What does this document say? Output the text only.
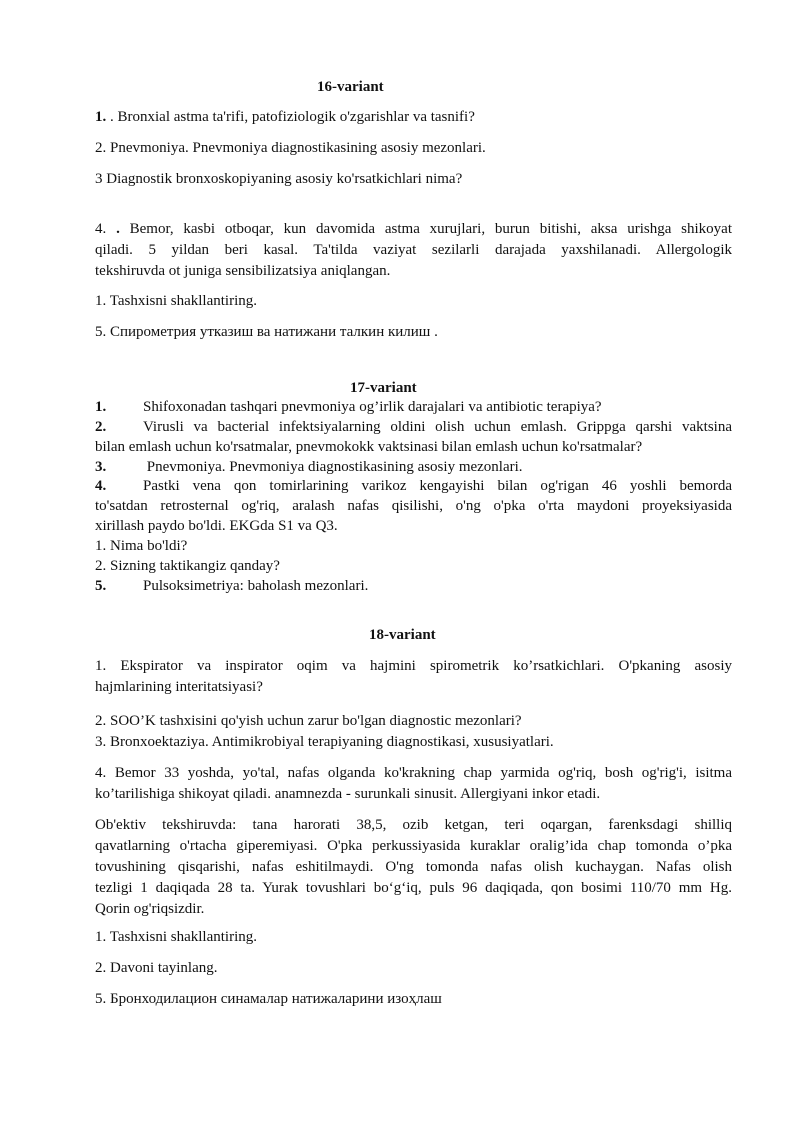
16-variant
1. . Bronxial astma ta'rifi, patofiziologik o'zgarishlar va tasnifi?
2. Pnevmoniya. Pnevmoniya diagnostikasining asosiy mezonlari.
3 Diagnostik bronxoskopiyaning asosiy ko'rsatkichlari nima?
4. . Bemor, kasbi otboqar, kun davomida astma xurujlari, burun bitishi, aksa urishga shikoyat
qiladi. 5 yildan beri kasal. Ta'tilda vaziyat sezilarli darajada yaxshilanadi. Allergologik
tekshiruvda ot juniga sensibilizatsiya aniqlangan.
1. Tashxisni shakllantiring.
5. Спирометрия утказиш ва натижани талкин килиш .
17-variant
1. Shifoxonadan tashqari pnevmoniya og’irlik darajalari va antibiotic terapiya?
2. Virusli va bacterial infektsiyalarning oldini olish uchun emlash. Grippga qarshi vaktsina
bilan emlash uchun ko'rsatmalar, pnevmokokk vaktsinasi bilan emlash uchun ko'rsatmalar?
3. Pnevmoniya. Pnevmoniya diagnostikasining asosiy mezonlari.
4. Pastki vena qon tomirlarining varikoz kengayishi bilan og'rigan 46 yoshli bemorda
to'satdan retrosternal og'riq, aralash nafas qisilishi, o'ng o'pka o'rta maydoni proyeksiyasida
xirillash paydo bo'ldi. EKGda S1 va Q3.
1. Nima bo'ldi?
2. Sizning taktikangiz qanday?
5. Pulsoksimetriya: baholash mezonlari.
18-variant
1. Ekspirator va inspirator oqim va hajmini spirometrik ko’rsatkichlari. O'pkaning asosiy
hajmlarining interitatsiyasi?
2. SOO’K tashxisini qo'yish uchun zarur bo'lgan diagnostic mezonlari?
3. Bronxoektaziya. Antimikrobiyal terapiyaning diagnostikasi, xususiyatlari.
4. Bemor 33 yoshda, yo'tal, nafas olganda ko'krakning chap yarmida og'riq, bosh og'rig'i, isitma
ko’tarilishiga shikoyat qiladi. anamnezda - surunkali sinusit. Allergiyani inkor etadi.
Ob'ektiv tekshiruvda: tana harorati 38,5, ozib ketgan, teri oqargan, farenksdagi shilliq
qavatlarning o'rtacha giperemiyasi. O'pka perkussiyasida kuraklar oralig’ida chap tomonda o’pka
tovushining qisqarishi, nafas eshitilmaydi. O'ng tomonda nafas olish kuchaygan. Nafas olish
tezligi 1 daqiqada 28 ta. Yurak tovushlari bo‘g‘iq, puls 96 daqiqada, qon bosimi 110/70 mm Hg.
Qorin og'riqsizdir.
1. Tashxisni shakllantiring.
2. Davoni tayinlang.
5. Бронходилацион синамалар натижаларини изоҳлаш
